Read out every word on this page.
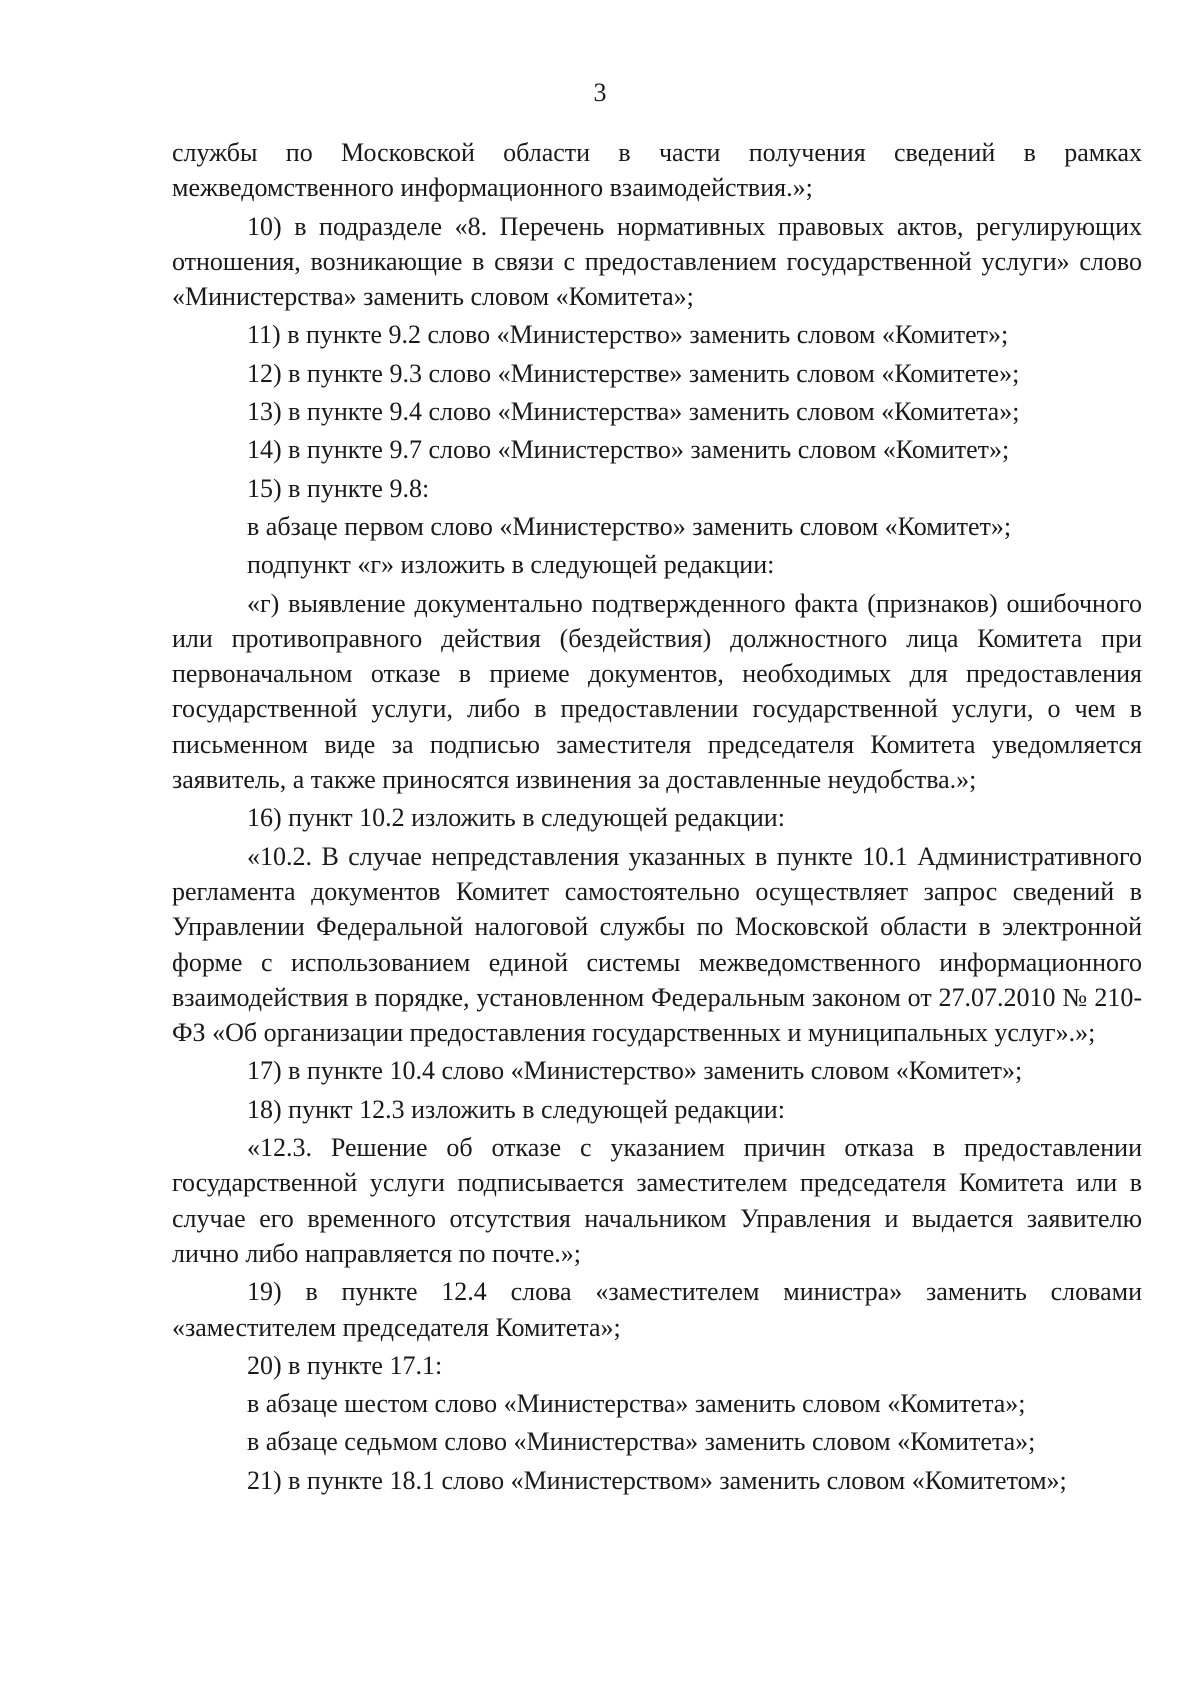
3

службы по Московской области в части получения сведений в рамках межведомственного информационного взаимодействия.»;

10) в подразделе «8. Перечень нормативных правовых актов, регулирующих отношения, возникающие в связи с предоставлением государственной услуги» слово «Министерства» заменить словом «Комитета»;

11) в пункте 9.2 слово «Министерство» заменить словом «Комитет»;

12) в пункте 9.3 слово «Министерстве» заменить словом «Комитете»;

13) в пункте 9.4 слово «Министерства» заменить словом «Комитета»;

14) в пункте 9.7 слово «Министерство» заменить словом «Комитет»;

15) в пункте 9.8:

в абзаце первом слово «Министерство» заменить словом «Комитет»;

подпункт «г» изложить в следующей редакции:

«г) выявление документально подтвержденного факта (признаков) ошибочного или противоправного действия (бездействия) должностного лица Комитета при первоначальном отказе в приеме документов, необходимых для предоставления государственной услуги, либо в предоставлении государственной услуги, о чем в письменном виде за подписью заместителя председателя Комитета уведомляется заявитель, а также приносятся извинения за доставленные неудобства.»;

16) пункт 10.2 изложить в следующей редакции:

«10.2. В случае непредставления указанных в пункте 10.1 Административного регламента документов Комитет самостоятельно осуществляет запрос сведений в Управлении Федеральной налоговой службы по Московской области в электронной форме с использованием единой системы межведомственного информационного взаимодействия в порядке, установленном Федеральным законом от 27.07.2010 № 210-ФЗ «Об организации предоставления государственных и муниципальных услуг».»;

17) в пункте 10.4 слово «Министерство» заменить словом «Комитет»;

18) пункт 12.3 изложить в следующей редакции:

«12.3. Решение об отказе с указанием причин отказа в предоставлении государственной услуги подписывается заместителем председателя Комитета или в случае его временного отсутствия начальником Управления и выдается заявителю лично либо направляется по почте.»;

19) в пункте 12.4 слова «заместителем министра» заменить словами «заместителем председателя Комитета»;

20) в пункте 17.1:

в абзаце шестом слово «Министерства» заменить словом «Комитета»;

в абзаце седьмом слово «Министерства» заменить словом «Комитета»;

21) в пункте 18.1 слово «Министерством» заменить словом «Комитетом»;
